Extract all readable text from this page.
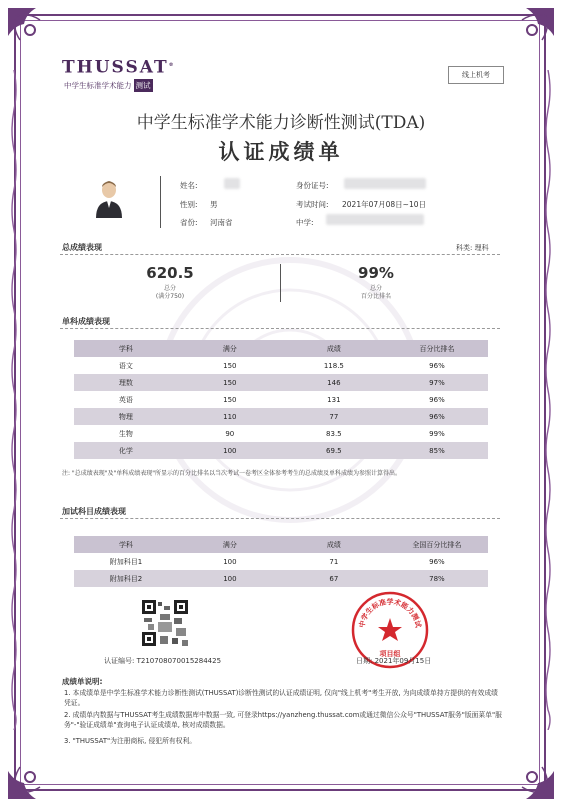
THUSSAT®
中学生标准学术能力 测试
线上机考
中学生标准学术能力诊断性测试(TDA)
认证成绩单
姓名:	身份证号:
性别: 男	考试时间: 2021年07月08日~10日
省份: 河南省	中学:
总成绩表现	科类: 理科
620.5
总分
(满分750)
99%
总分
百分比排名
单科成绩表现
学科	满分	成绩	百分比排名
语文	150	118.5	96%
理数	150	146	97%
英语	150	131	96%
物理	110	77	96%
生物	90	83.5	99%
化学	100	69.5	85%
注: "总成绩表现"及"单科成绩表现"所显示的百分比排名以当次考试一卷考区全体参考考生的总成绩及单科成绩为参照计算得出。
加试科目成绩表现
学科	满分	成绩	全国百分比排名
附加科目1	100	71	96%
附加科目2	100	67	78%
认证编号: T210708070015284425
中学生标准学术能力测试
项目组
日期: 2021年09月15日
成绩单说明:
1. 本成绩单是中学生标准学术能力诊断性测试(THUSSAT)诊断性测试的认证成绩证明, 仅向"线上机考"考生开放, 为向成绩单持方提供的有效成绩凭证。
2. 成绩单内数据与THUSSAT考生成绩数据库中数据一致, 可登录https://yanzheng.thussat.com或通过微信公众号"THUSSAT服务"版面菜单"服务"-"验证成绩单"查询电子认证成绩单, 核对成绩数据。
3. "THUSSAT"为注册商标, 侵犯所有权利。
